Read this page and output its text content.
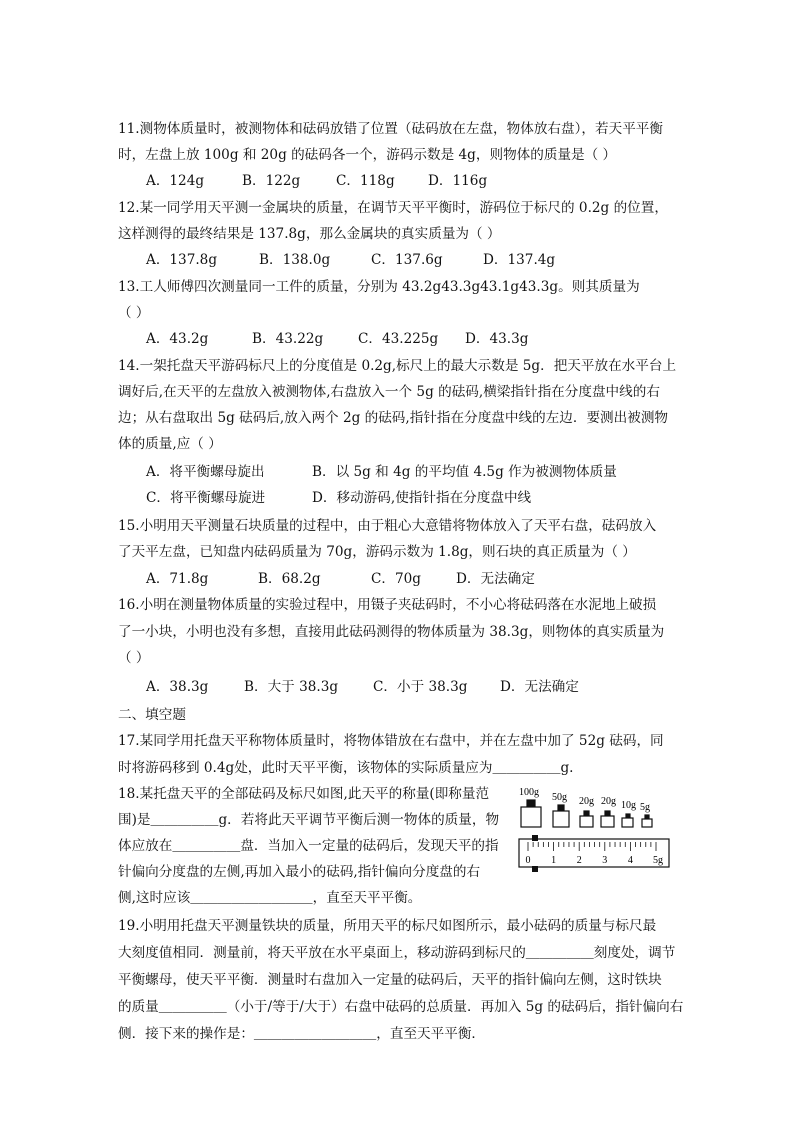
11.测物体质量时，被测物体和砝码放错了位置（砝码放在左盘，物体放右盘），若天平平衡
时，左盘上放 100g 和 20g 的砝码各一个，游码示数是 4g，则物体的质量是（ ）
A．124g	B．122g	C．118g D．116g
12.某一同学用天平测一金属块的质量，在调节天平平衡时，游码位于标尺的 0.2g 的位置，
这样测得的最终结果是 137.8g，那么金属块的真实质量为（ ）
A．137.8g	B．138.0g	C．137.6g	D．137.4g
13.工人师傅四次测量同一工件的质量，分别为 43.2g43.3g43.1g43.3g。则其质量为
（ ）
A．43.2g	B．43.22g	C．43.225g D．43.3g
14.一架托盘天平游码标尺上的分度值是 0.2g,标尺上的最大示数是 5g．把天平放在水平台上
调好后,在天平的左盘放入被测物体,右盘放入一个 5g 的砝码,横梁指针指在分度盘中线的右
边；从右盘取出 5g 砝码后,放入两个 2g 的砝码,指针指在分度盘中线的左边．要测出被测物
体的质量,应（ ）
A．将平衡螺母旋出	B．以 5g 和 4g 的平均值 4.5g 作为被测物体质量
C．将平衡螺母旋进	D．移动游码,使指针指在分度盘中线
15.小明用天平测量石块质量的过程中，由于粗心大意错将物体放入了天平右盘，砝码放入
了天平左盘，已知盘内砝码质量为 70g，游码示数为 1.8g，则石块的真正质量为（ ）
A．71.8g	B．68.2g	C．70g	D．无法确定
16.小明在测量物体质量的实验过程中，用镊子夹砝码时，不小心将砝码落在水泥地上破损
了一小块，小明也没有多想，直接用此砝码测得的物体质量为 38.3g，则物体的真实质量为
（ ）
A．38.3g	B．大于 38.3g	C．小于 38.3g D．无法确定
二、填空题
17.某同学用托盘天平称物体质量时，将物体错放在右盘中，并在左盘中加了 52g 砝码，同
时将游码移到 0.4g处，此时天平平衡，该物体的实际质量应为＿＿＿＿＿g.
18.某托盘天平的全部砝码及标尺如图,此天平的称量(即称量范
围)是＿＿＿＿＿g．若将此天平调节平衡后测一物体的质量，物
体应放在＿＿＿＿＿盘．当加入一定量的砝码后，发现天平的指
针偏向分度盘的左侧,再加入最小的砝码,指针偏向分度盘的右
侧,这时应该＿＿＿＿＿＿＿＿＿，直至天平平衡。
100g 50g 20g 20g 10g 5g
0 1 2 3 4 5g
19.小明用托盘天平测量铁块的质量，所用天平的标尺如图所示，最小砝码的质量与标尺最
大刻度值相同．测量前，将天平放在水平桌面上，移动游码到标尺的＿＿＿＿＿刻度处，调节
平衡螺母，使天平平衡．测量时右盘加入一定量的砝码后，天平的指针偏向左侧，这时铁块
的质量＿＿＿＿＿（小于/等于/大于）右盘中砝码的总质量．再加入 5g 的砝码后，指针偏向右
侧．接下来的操作是：＿＿＿＿＿＿＿＿＿，直至天平平衡．
